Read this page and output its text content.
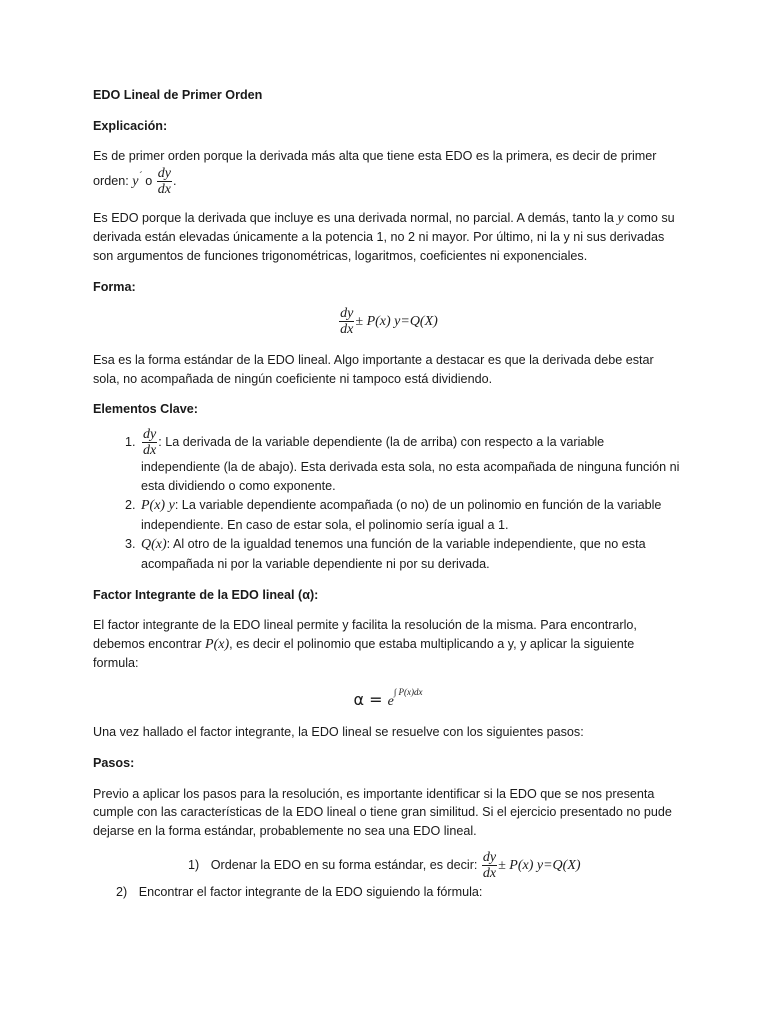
EDO Lineal de Primer Orden

Explicación:

Es de primer orden porque la derivada más alta que tiene esta EDO es la primera, es decir de primer orden: y´ o $\frac{dy}{dx}$ .

Es EDO porque la derivada que incluye es una derivada normal, no parcial. A demás, tanto la y como su derivada están elevadas únicamente a la potencia 1, no 2 ni mayor. Por último, ni la y ni sus derivadas son argumentos de funciones trigonométricas, logaritmos, coeficientes ni exponenciales.

Forma:

$\frac{dy}{dx} \pm P(x)$ y=Q(X)

Esa es la forma estándar de la EDO lineal. Algo importante a destacar es que la derivada debe estar sola, no acompañada de ningún coeficiente ni tampoco está dividiendo.

Elementos Clave:

1. $\frac{dy}{dx}$ : La derivada de la variable dependiente (la de arriba) con respecto a la variable independiente (la de abajo). Esta derivada esta sola, no esta acompañada de ninguna función ni esta dividiendo o como exponente.
2. P(x) y: La variable dependiente acompañada (o no) de un polinomio en función de la variable independiente. En caso de estar sola, el polinomio sería igual a 1.
3. Q(x): Al otro de la igualdad tenemos una función de la variable independiente, que no esta acompañada ni por la variable dependiente ni por su derivada.

Factor Integrante de la EDO lineal (α):

El factor integrante de la EDO lineal permite y facilita la resolución de la misma. Para encontrarlo, debemos encontrar P(x), es decir el polinomio que estaba multiplicando a y, y aplicar la siguiente formula:

$\alpha = e^{\int P(x)dx}$

Una vez hallado el factor integrante, la EDO lineal se resuelve con los siguientes pasos:

Pasos:

Previo a aplicar los pasos para la resolución, es importante identificar si la EDO que se nos presenta cumple con las características de la EDO lineal o tiene gran similitud. Si el ejercicio presentado no pude dejarse en la forma estándar, probablemente no sea una EDO lineal.

1) Ordenar la EDO en su forma estándar, es decir: $\frac{dy}{dx} \pm P(x)$ y=Q(X)
2) Encontrar el factor integrante de la EDO siguiendo la fórmula:
